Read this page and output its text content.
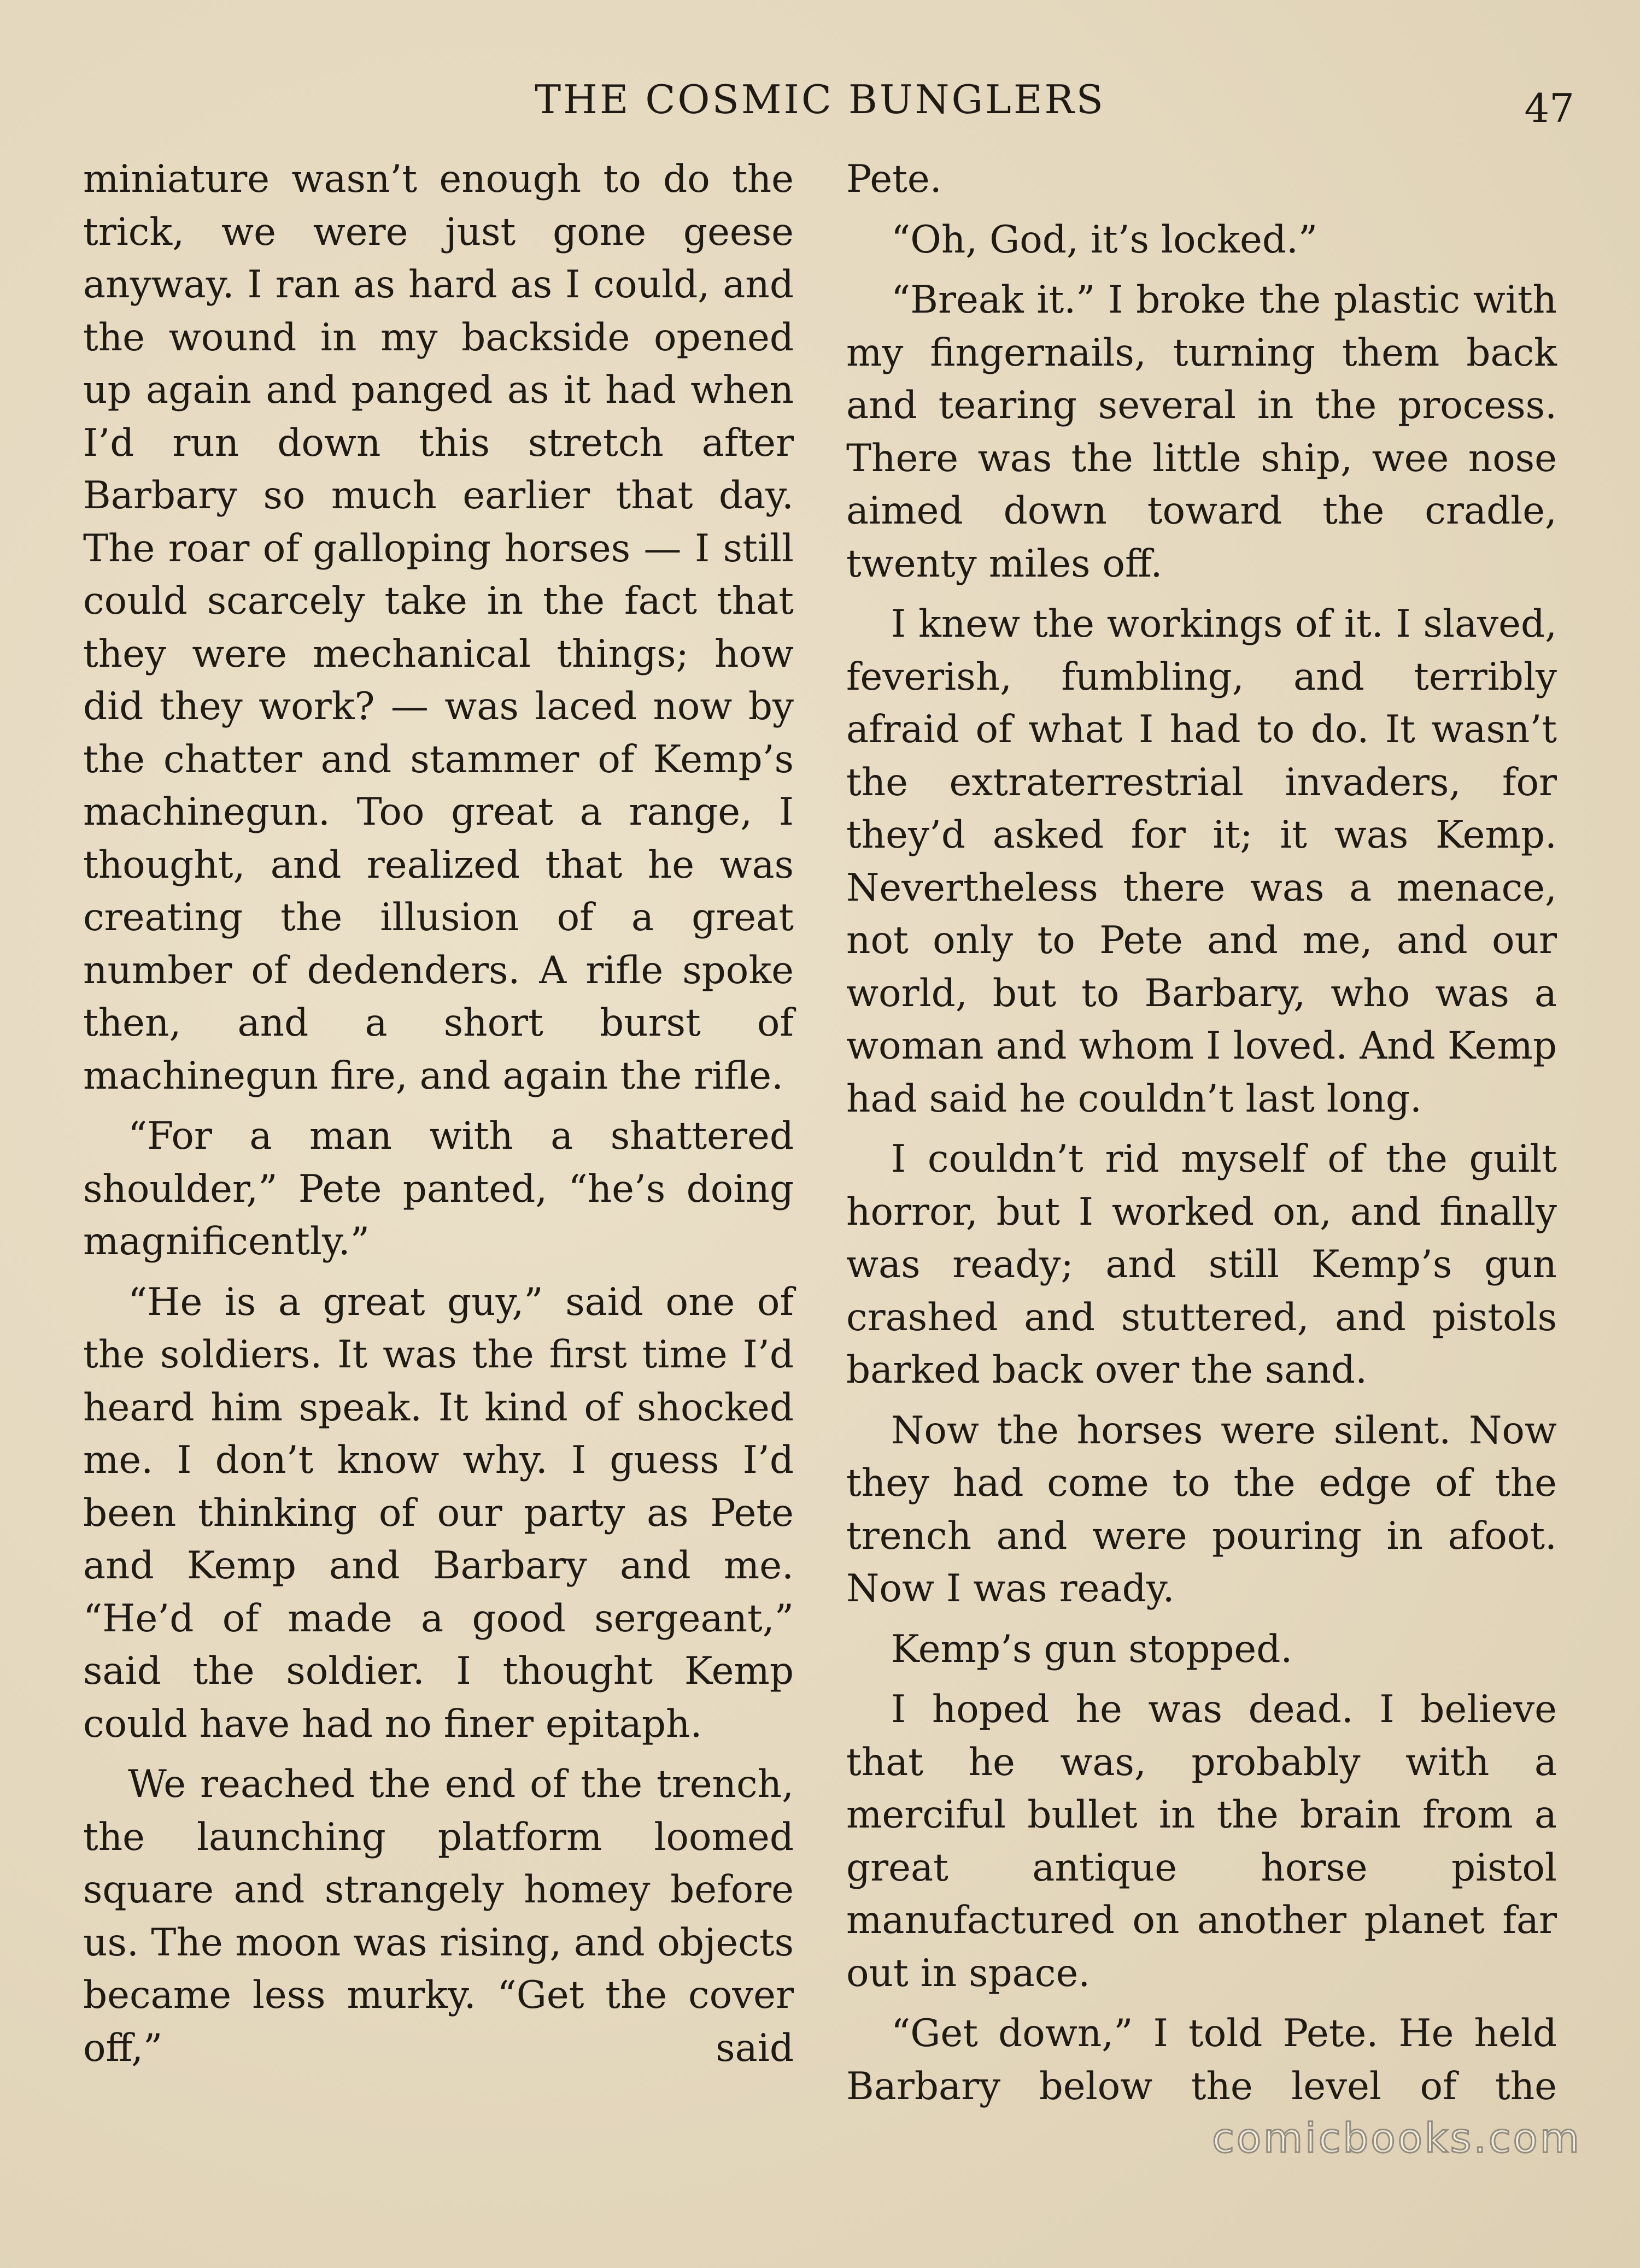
THE COSMIC BUNGLERS	47

miniature wasn’t enough to do the trick, we were just gone geese anyway. I ran as hard as I could, and the wound in my backside opened up again and panged as it had when I’d run down this stretch after Barbary so much earlier that day. The roar of galloping horses — I still could scarcely take in the fact that they were mechanical things; how did they work? — was laced now by the chatter and stammer of Kemp’s machinegun. Too great a range, I thought, and realized that he was creating the illusion of a great number of dedenders. A rifle spoke then, and a short burst of machinegun fire, and again the rifle.

“For a man with a shattered shoulder,” Pete panted, “he’s doing magnificently.”

“He is a great guy,” said one of the soldiers. It was the first time I’d heard him speak. It kind of shocked me. I don’t know why. I guess I’d been thinking of our party as Pete and Kemp and Barbary and me. “He’d of made a good sergeant,” said the soldier. I thought Kemp could have had no finer epitaph.

We reached the end of the trench, the launching platform loomed square and strangely homey before us. The moon was rising, and objects became less murky. “Get the cover off,” said

Pete.

“Oh, God, it’s locked.”

“Break it.” I broke the plastic with my fingernails, turning them back and tearing several in the process. There was the little ship, wee nose aimed down toward the cradle, twenty miles off.

I knew the workings of it. I slaved, feverish, fumbling, and terribly afraid of what I had to do. It wasn’t the extraterrestrial invaders, for they’d asked for it; it was Kemp. Nevertheless there was a menace, not only to Pete and me, and our world, but to Barbary, who was a woman and whom I loved. And Kemp had said he couldn’t last long.

I couldn’t rid myself of the guilt horror, but I worked on, and finally was ready; and still Kemp’s gun crashed and stuttered, and pistols barked back over the sand.

Now the horses were silent. Now they had come to the edge of the trench and were pouring in afoot. Now I was ready.

Kemp’s gun stopped.

I hoped he was dead. I believe that he was, probably with a merciful bullet in the brain from a great antique horse pistol manufactured on another planet far out in space.

“Get down,” I told Pete. He held Barbary below the level of the

comicbooks.com
